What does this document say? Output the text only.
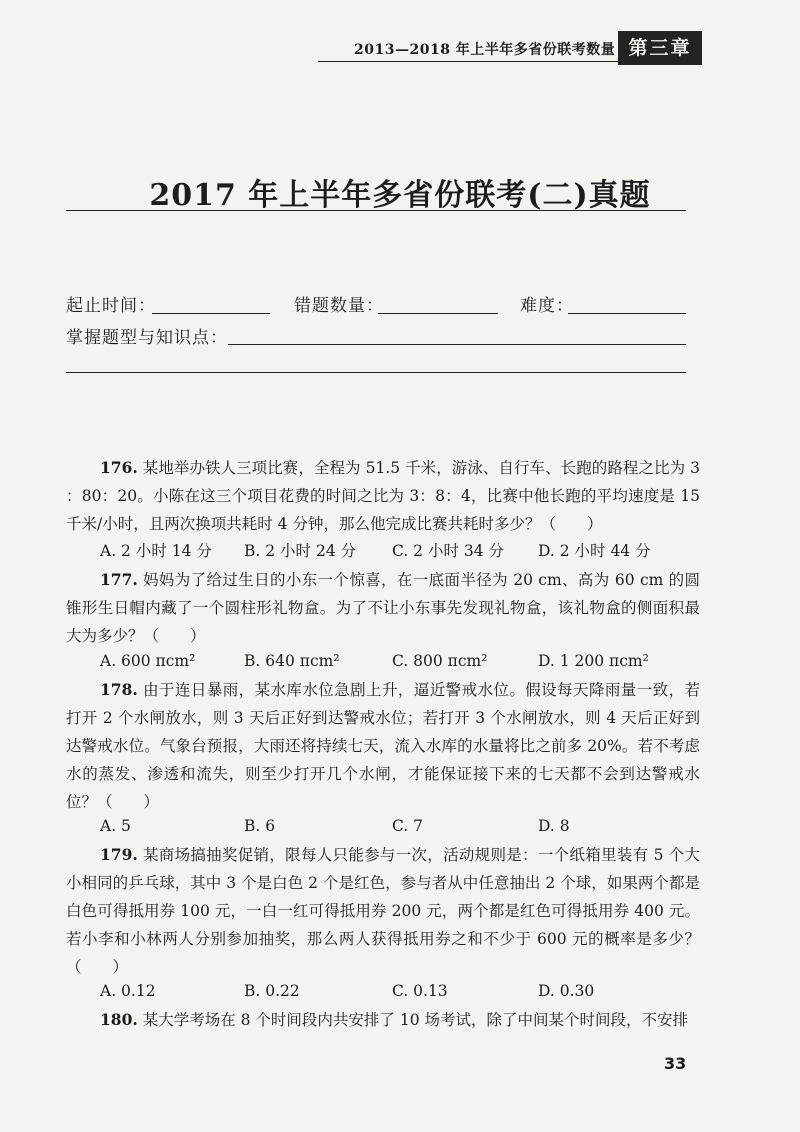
2013—2018 年上半年多省份联考数量 第三章
2017 年上半年多省份联考(二)真题
起止时间：	错题数量：	难度：
掌握题型与知识点：
176. 某地举办铁人三项比赛，全程为 51.5 千米，游泳、自行车、长跑的路程之比为 3 ：80：20。小陈在这三个项目花费的时间之比为 3：8：4，比赛中他长跑的平均速度是 15 千米/小时，且两次换项共耗时 4 分钟，那么他完成比赛共耗时多少？（　　）
A. 2 小时 14 分 B. 2 小时 24 分 C. 2 小时 34 分 D. 2 小时 44 分
177. 妈妈为了给过生日的小东一个惊喜，在一底面半径为 20 cm、高为 60 cm 的圆锥形生日帽内藏了一个圆柱形礼物盒。为了不让小东事先发现礼物盒，该礼物盒的侧面积最大为多少？（　　）
A. 600 πcm²	B. 640 πcm²	C. 800 πcm²	D. 1 200 πcm²
178. 由于连日暴雨，某水库水位急剧上升，逼近警戒水位。假设每天降雨量一致，若打开 2 个水闸放水，则 3 天后正好到达警戒水位；若打开 3 个水闸放水，则 4 天后正好到达警戒水位。气象台预报，大雨还将持续七天，流入水库的水量将比之前多 20%。若不考虑水的蒸发、渗透和流失，则至少打开几个水闸，才能保证接下来的七天都不会到达警戒水位？（　　）
A. 5	B. 6	C. 7	D. 8
179. 某商场搞抽奖促销，限每人只能参与一次，活动规则是：一个纸箱里装有 5 个大小相同的乒乓球，其中 3 个是白色 2 个是红色，参与者从中任意抽出 2 个球，如果两个都是白色可得抵用券 100 元，一白一红可得抵用券 200 元，两个都是红色可得抵用券 400 元。若小李和小林两人分别参加抽奖，那么两人获得抵用券之和不少于 600 元的概率是多少？（　　）
A. 0.12	B. 0.22	C. 0.13	D. 0.30
180. 某大学考场在 8 个时间段内共安排了 10 场考试，除了中间某个时间段，不安排
33
